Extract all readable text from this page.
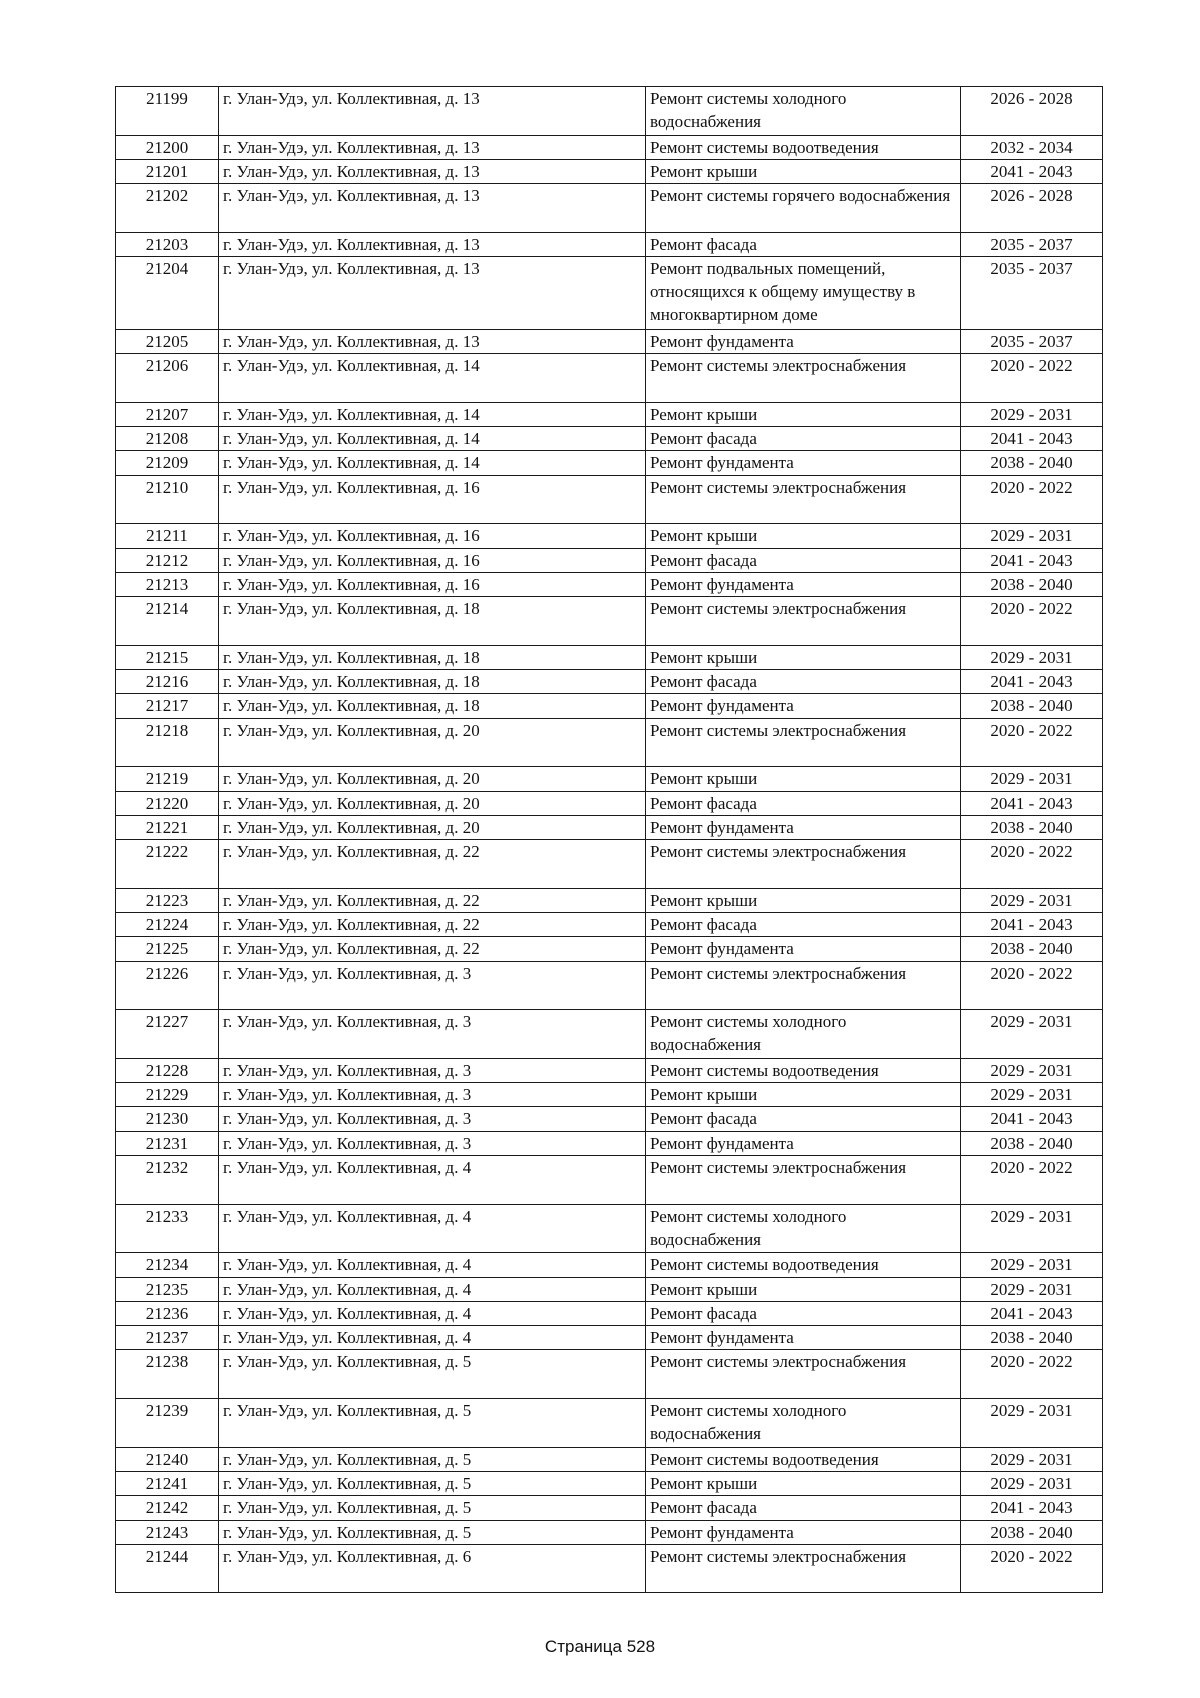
21199	г. Улан-Удэ, ул. Коллективная, д. 13	Ремонт системы холодного водоснабжения	2026 - 2028
21200	г. Улан-Удэ, ул. Коллективная, д. 13	Ремонт системы водоотведения	2032 - 2034
21201	г. Улан-Удэ, ул. Коллективная, д. 13	Ремонт крыши	2041 - 2043
21202	г. Улан-Удэ, ул. Коллективная, д. 13	Ремонт системы горячего водоснабжения	2026 - 2028
21203	г. Улан-Удэ, ул. Коллективная, д. 13	Ремонт фасада	2035 - 2037
21204	г. Улан-Удэ, ул. Коллективная, д. 13	Ремонт подвальных помещений, относящихся к общему имуществу в многоквартирном доме	2035 - 2037
21205	г. Улан-Удэ, ул. Коллективная, д. 13	Ремонт фундамента	2035 - 2037
21206	г. Улан-Удэ, ул. Коллективная, д. 14	Ремонт системы электроснабжения	2020 - 2022
21207	г. Улан-Удэ, ул. Коллективная, д. 14	Ремонт крыши	2029 - 2031
21208	г. Улан-Удэ, ул. Коллективная, д. 14	Ремонт фасада	2041 - 2043
21209	г. Улан-Удэ, ул. Коллективная, д. 14	Ремонт фундамента	2038 - 2040
21210	г. Улан-Удэ, ул. Коллективная, д. 16	Ремонт системы электроснабжения	2020 - 2022
21211	г. Улан-Удэ, ул. Коллективная, д. 16	Ремонт крыши	2029 - 2031
21212	г. Улан-Удэ, ул. Коллективная, д. 16	Ремонт фасада	2041 - 2043
21213	г. Улан-Удэ, ул. Коллективная, д. 16	Ремонт фундамента	2038 - 2040
21214	г. Улан-Удэ, ул. Коллективная, д. 18	Ремонт системы электроснабжения	2020 - 2022
21215	г. Улан-Удэ, ул. Коллективная, д. 18	Ремонт крыши	2029 - 2031
21216	г. Улан-Удэ, ул. Коллективная, д. 18	Ремонт фасада	2041 - 2043
21217	г. Улан-Удэ, ул. Коллективная, д. 18	Ремонт фундамента	2038 - 2040
21218	г. Улан-Удэ, ул. Коллективная, д. 20	Ремонт системы электроснабжения	2020 - 2022
21219	г. Улан-Удэ, ул. Коллективная, д. 20	Ремонт крыши	2029 - 2031
21220	г. Улан-Удэ, ул. Коллективная, д. 20	Ремонт фасада	2041 - 2043
21221	г. Улан-Удэ, ул. Коллективная, д. 20	Ремонт фундамента	2038 - 2040
21222	г. Улан-Удэ, ул. Коллективная, д. 22	Ремонт системы электроснабжения	2020 - 2022
21223	г. Улан-Удэ, ул. Коллективная, д. 22	Ремонт крыши	2029 - 2031
21224	г. Улан-Удэ, ул. Коллективная, д. 22	Ремонт фасада	2041 - 2043
21225	г. Улан-Удэ, ул. Коллективная, д. 22	Ремонт фундамента	2038 - 2040
21226	г. Улан-Удэ, ул. Коллективная, д. 3	Ремонт системы электроснабжения	2020 - 2022
21227	г. Улан-Удэ, ул. Коллективная, д. 3	Ремонт системы холодного водоснабжения	2029 - 2031
21228	г. Улан-Удэ, ул. Коллективная, д. 3	Ремонт системы водоотведения	2029 - 2031
21229	г. Улан-Удэ, ул. Коллективная, д. 3	Ремонт крыши	2029 - 2031
21230	г. Улан-Удэ, ул. Коллективная, д. 3	Ремонт фасада	2041 - 2043
21231	г. Улан-Удэ, ул. Коллективная, д. 3	Ремонт фундамента	2038 - 2040
21232	г. Улан-Удэ, ул. Коллективная, д. 4	Ремонт системы электроснабжения	2020 - 2022
21233	г. Улан-Удэ, ул. Коллективная, д. 4	Ремонт системы холодного водоснабжения	2029 - 2031
21234	г. Улан-Удэ, ул. Коллективная, д. 4	Ремонт системы водоотведения	2029 - 2031
21235	г. Улан-Удэ, ул. Коллективная, д. 4	Ремонт крыши	2029 - 2031
21236	г. Улан-Удэ, ул. Коллективная, д. 4	Ремонт фасада	2041 - 2043
21237	г. Улан-Удэ, ул. Коллективная, д. 4	Ремонт фундамента	2038 - 2040
21238	г. Улан-Удэ, ул. Коллективная, д. 5	Ремонт системы электроснабжения	2020 - 2022
21239	г. Улан-Удэ, ул. Коллективная, д. 5	Ремонт системы холодного водоснабжения	2029 - 2031
21240	г. Улан-Удэ, ул. Коллективная, д. 5	Ремонт системы водоотведения	2029 - 2031
21241	г. Улан-Удэ, ул. Коллективная, д. 5	Ремонт крыши	2029 - 2031
21242	г. Улан-Удэ, ул. Коллективная, д. 5	Ремонт фасада	2041 - 2043
21243	г. Улан-Удэ, ул. Коллективная, д. 5	Ремонт фундамента	2038 - 2040
21244	г. Улан-Удэ, ул. Коллективная, д. 6	Ремонт системы электроснабжения	2020 - 2022
Страница 528
